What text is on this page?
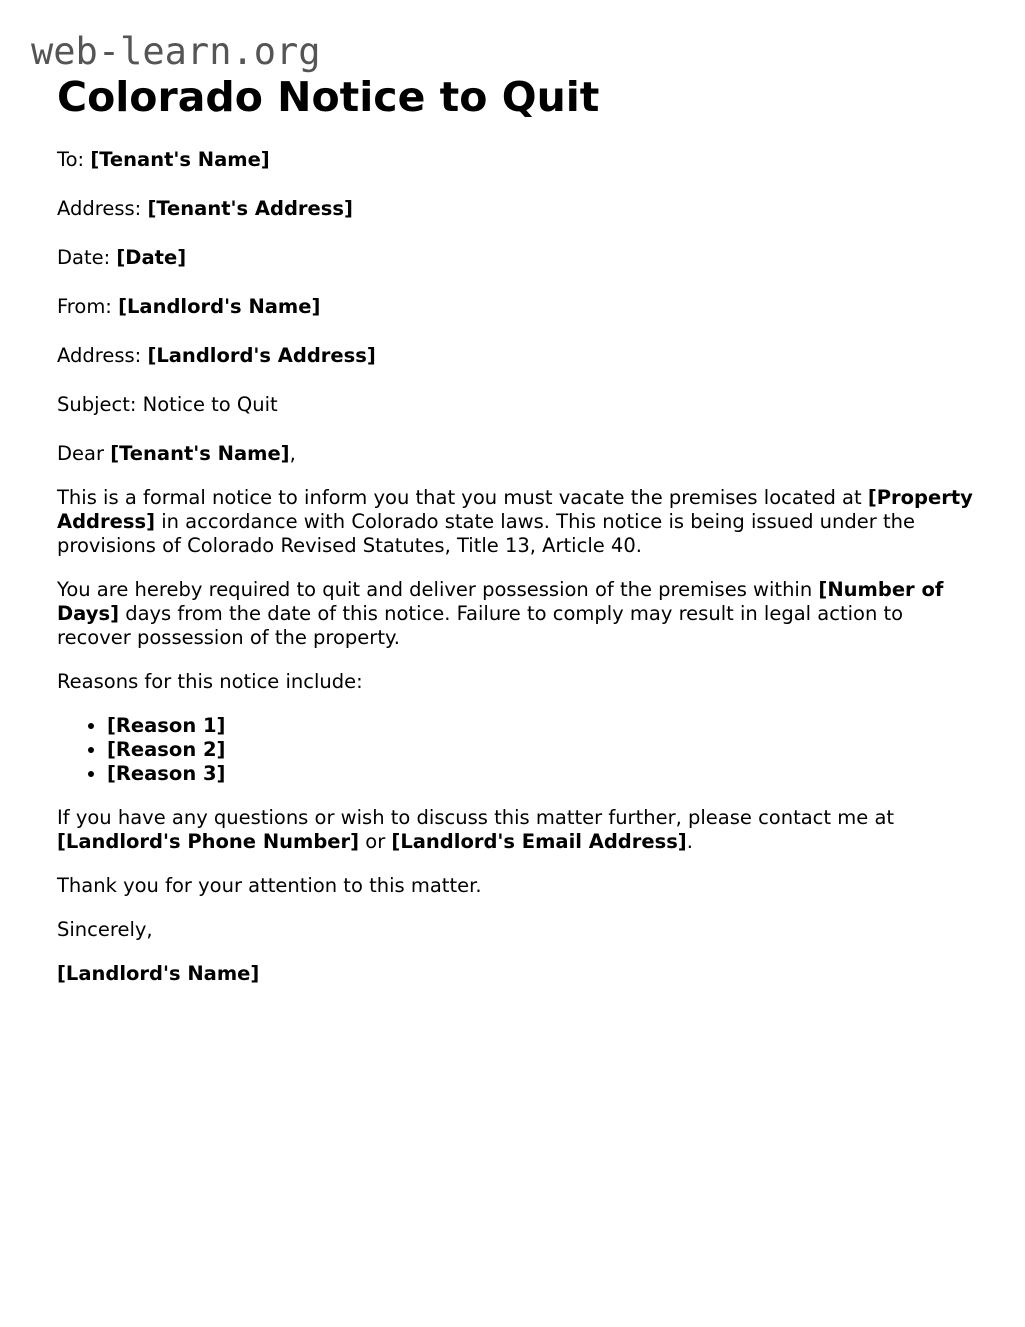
web-learn.org
Colorado Notice to Quit

To: [Tenant's Name]

Address: [Tenant's Address]

Date: [Date]

From: [Landlord's Name]

Address: [Landlord's Address]

Subject: Notice to Quit

Dear [Tenant's Name],

This is a formal notice to inform you that you must vacate the premises located at [Property Address] in accordance with Colorado state laws. This notice is being issued under the provisions of Colorado Revised Statutes, Title 13, Article 40.

You are hereby required to quit and deliver possession of the premises within [Number of Days] days from the date of this notice. Failure to comply may result in legal action to recover possession of the property.

Reasons for this notice include:

• [Reason 1]
• [Reason 2]
• [Reason 3]

If you have any questions or wish to discuss this matter further, please contact me at [Landlord's Phone Number] or [Landlord's Email Address].

Thank you for your attention to this matter.

Sincerely,

[Landlord's Name]
